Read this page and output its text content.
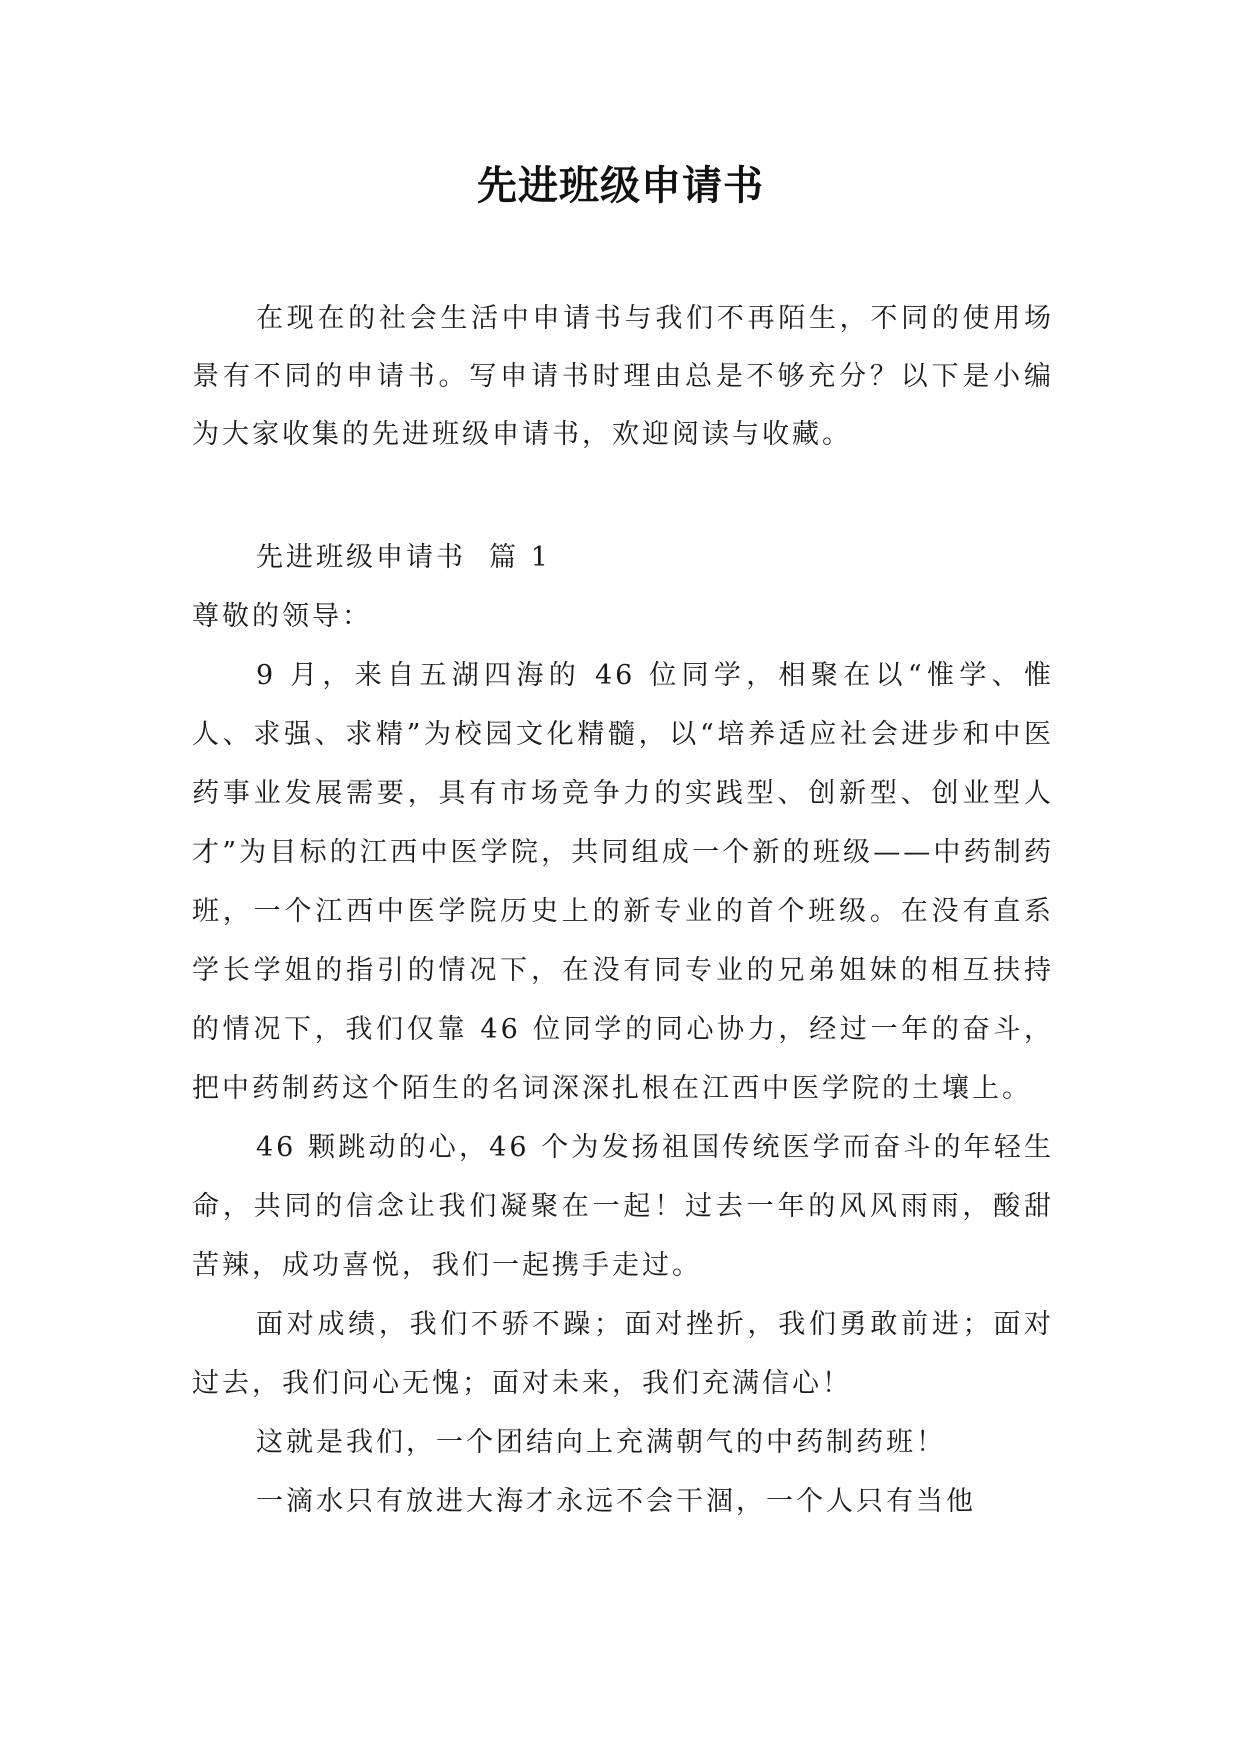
先进班级申请书

在现在的社会生活中申请书与我们不再陌生，不同的使用场景有不同的申请书。写申请书时理由总是不够充分？以下是小编为大家收集的先进班级申请书，欢迎阅读与收藏。

先进班级申请书  篇 1

尊敬的领导：

9 月，来自五湖四海的 46 位同学，相聚在以“惟学、惟人、求强、求精”为校园文化精髓，以“培养适应社会进步和中医药事业发展需要，具有市场竞争力的实践型、创新型、创业型人才”为目标的江西中医学院，共同组成一个新的班级——中药制药班，一个江西中医学院历史上的新专业的首个班级。在没有直系学长学姐的指引的情况下，在没有同专业的兄弟姐妹的相互扶持的情况下，我们仅靠 46 位同学的同心协力，经过一年的奋斗，把中药制药这个陌生的名词深深扎根在江西中医学院的土壤上。

46 颗跳动的心，46 个为发扬祖国传统医学而奋斗的年轻生命，共同的信念让我们凝聚在一起！过去一年的风风雨雨，酸甜苦辣，成功喜悦，我们一起携手走过。

面对成绩，我们不骄不躁；面对挫折，我们勇敢前进；面对过去，我们问心无愧；面对未来，我们充满信心！

这就是我们，一个团结向上充满朝气的中药制药班！

一滴水只有放进大海才永远不会干涸，一个人只有当他
